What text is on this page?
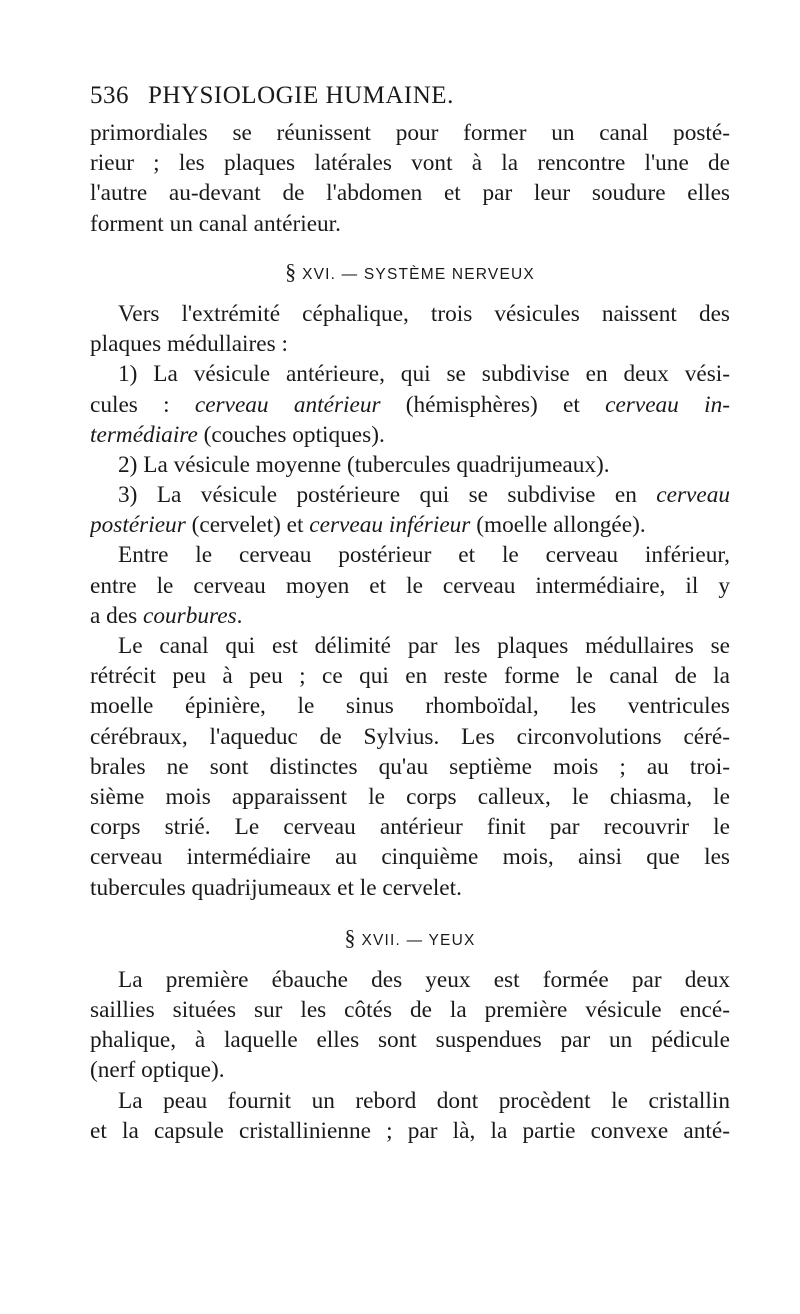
536 PHYSIOLOGIE HUMAINE.
primordiales se réunissent pour former un canal posté-
rieur ; les plaques latérales vont à la rencontre l'une de
l'autre au-devant de l'abdomen et par leur soudure elles
forment un canal antérieur.
§ XVI. — SYSTÈME NERVEUX
Vers l'extrémité céphalique, trois vésicules naissent des
plaques médullaires :
1) La vésicule antérieure, qui se subdivise en deux vési-
cules : cerveau antérieur (hémisphères) et cerveau in-
termédiaire (couches optiques).
2) La vésicule moyenne (tubercules quadrijumeaux).
3) La vésicule postérieure qui se subdivise en cerveau
postérieur (cervelet) et cerveau inférieur (moelle allongée).
Entre le cerveau postérieur et le cerveau inférieur,
entre le cerveau moyen et le cerveau intermédiaire, il y
a des courbures.
Le canal qui est délimité par les plaques médullaires se
rétrécit peu à peu ; ce qui en reste forme le canal de la
moelle épinière, le sinus rhomboïdal, les ventricules
cérébraux, l'aqueduc de Sylvius. Les circonvolutions céré-
brales ne sont distinctes qu'au septième mois ; au troi-
sième mois apparaissent le corps calleux, le chiasma, le
corps strié. Le cerveau antérieur finit par recouvrir le
cerveau intermédiaire au cinquième mois, ainsi que les
tubercules quadrijumeaux et le cervelet.
§ XVII. — YEUX
La première ébauche des yeux est formée par deux
saillies situées sur les côtés de la première vésicule encé-
phalique, à laquelle elles sont suspendues par un pédicule
(nerf optique).
La peau fournit un rebord dont procèdent le cristallin
et la capsule cristallinienne ; par là, la partie convexe anté-
